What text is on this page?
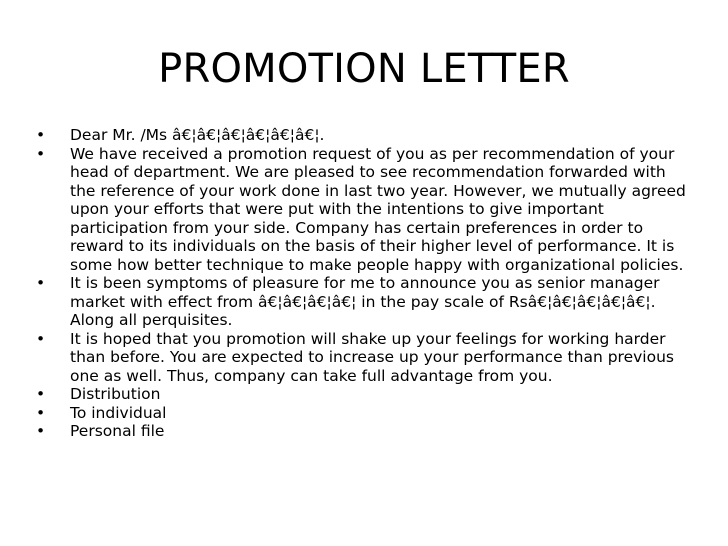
PROMOTION LETTER
• Dear Mr. /Ms â€¦â€¦â€¦â€¦â€¦â€¦.
• We have received a promotion request of you as per recommendation of your head of department. We are pleased to see recommendation forwarded with the reference of your work done in last two year. However, we mutually agreed upon your efforts that were put with the intentions to give important participation from your side. Company has certain preferences in order to reward to its individuals on the basis of their higher level of performance. It is some how better technique to make people happy with organizational policies.
• It is been symptoms of pleasure for me to announce you as senior manager market with effect from â€¦â€¦â€¦â€¦ in the pay scale of Rsâ€¦â€¦â€¦â€¦â€¦. Along all perquisites.
• It is hoped that you promotion will shake up your feelings for working harder than before. You are expected to increase up your performance than previous one as well. Thus, company can take full advantage from you.
• Distribution
• To individual
• Personal file
